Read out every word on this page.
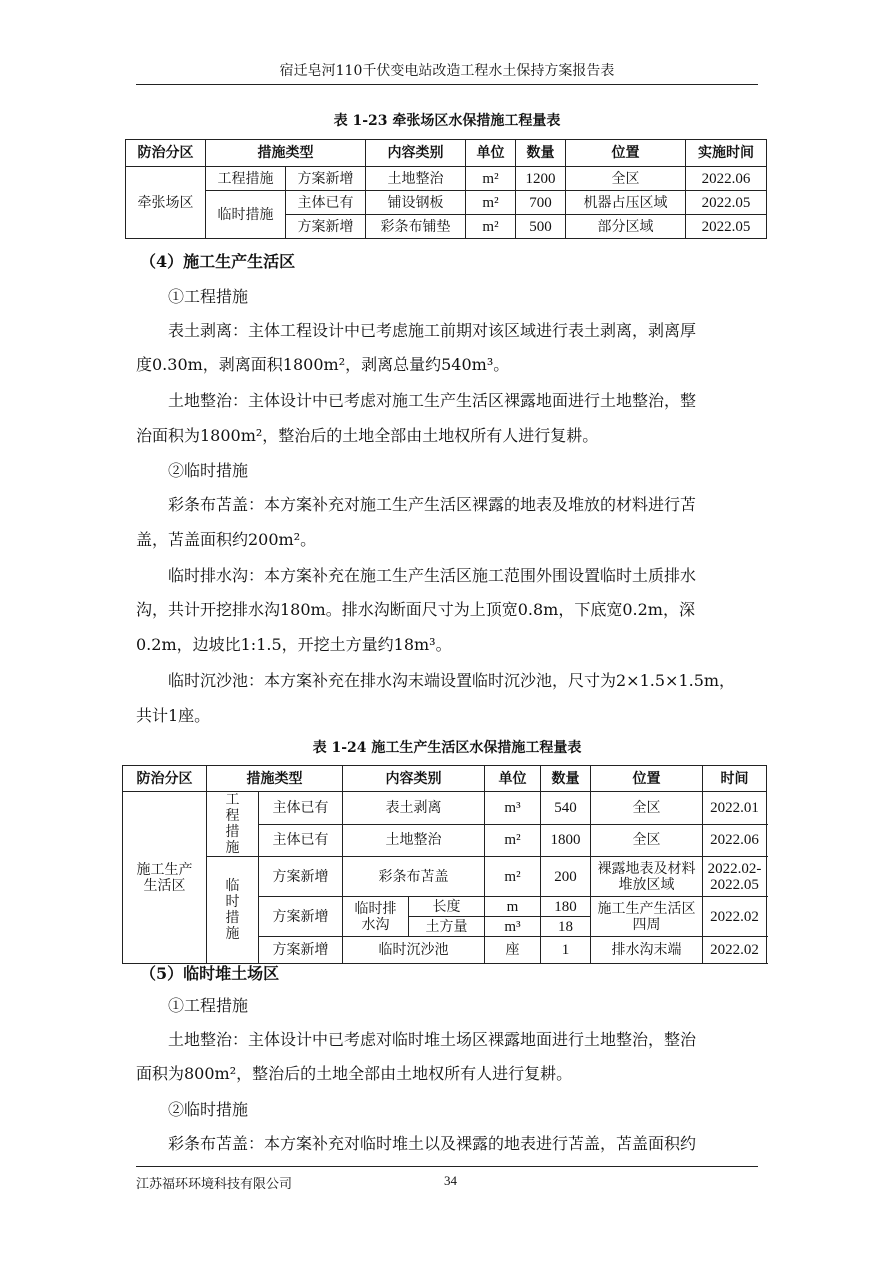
宿迁皂河110千伏变电站改造工程水土保持方案报告表
表 1-23 牵张场区水保措施工程量表
防治分区	措施类型		内容类别	单位	数量	位置	实施时间
牵张场区	工程措施	方案新增	土地整治	m²	1200	全区	2022.06
	临时措施	主体已有	铺设钢板	m²	700	机器占压区域	2022.05
		方案新增	彩条布铺垫	m²	500	部分区域	2022.05
（4）施工生产生活区
①工程措施
表土剥离：主体工程设计中已考虑施工前期对该区域进行表土剥离，剥离厚
度0.30m，剥离面积1800m²，剥离总量约540m³。
土地整治：主体设计中已考虑对施工生产生活区裸露地面进行土地整治，整
治面积为1800m²，整治后的土地全部由土地权所有人进行复耕。
②临时措施
彩条布苫盖：本方案补充对施工生产生活区裸露的地表及堆放的材料进行苫
盖，苫盖面积约200m²。
临时排水沟：本方案补充在施工生产生活区施工范围外围设置临时土质排水
沟，共计开挖排水沟180m。排水沟断面尺寸为上顶宽0.8m，下底宽0.2m，深
0.2m，边坡比1:1.5，开挖土方量约18m³。
临时沉沙池：本方案补充在排水沟末端设置临时沉沙池，尺寸为2×1.5×1.5m，
共计1座。
表 1-24 施工生产生活区水保措施工程量表
防治分区	措施类型		内容类别		单位	数量	位置	时间
施工生产生活区	工程措施	主体已有	表土剥离		m³	540	全区	2022.01
		主体已有	土地整治		m²	1800	全区	2022.06
	临时措施	方案新增	彩条布苫盖		m²	200	裸露地表及材料堆放区域	2022.02-2022.05
		方案新增	临时排水沟	长度	m	180	施工生产生活区四周	2022.02
				土方量	m³	18		
		方案新增	临时沉沙池		座	1	排水沟末端	2022.02
（5）临时堆土场区
①工程措施
土地整治：主体设计中已考虑对临时堆土场区裸露地面进行土地整治，整治
面积为800m²，整治后的土地全部由土地权所有人进行复耕。
②临时措施
彩条布苫盖：本方案补充对临时堆土以及裸露的地表进行苫盖，苫盖面积约
江苏福环环境科技有限公司	34
